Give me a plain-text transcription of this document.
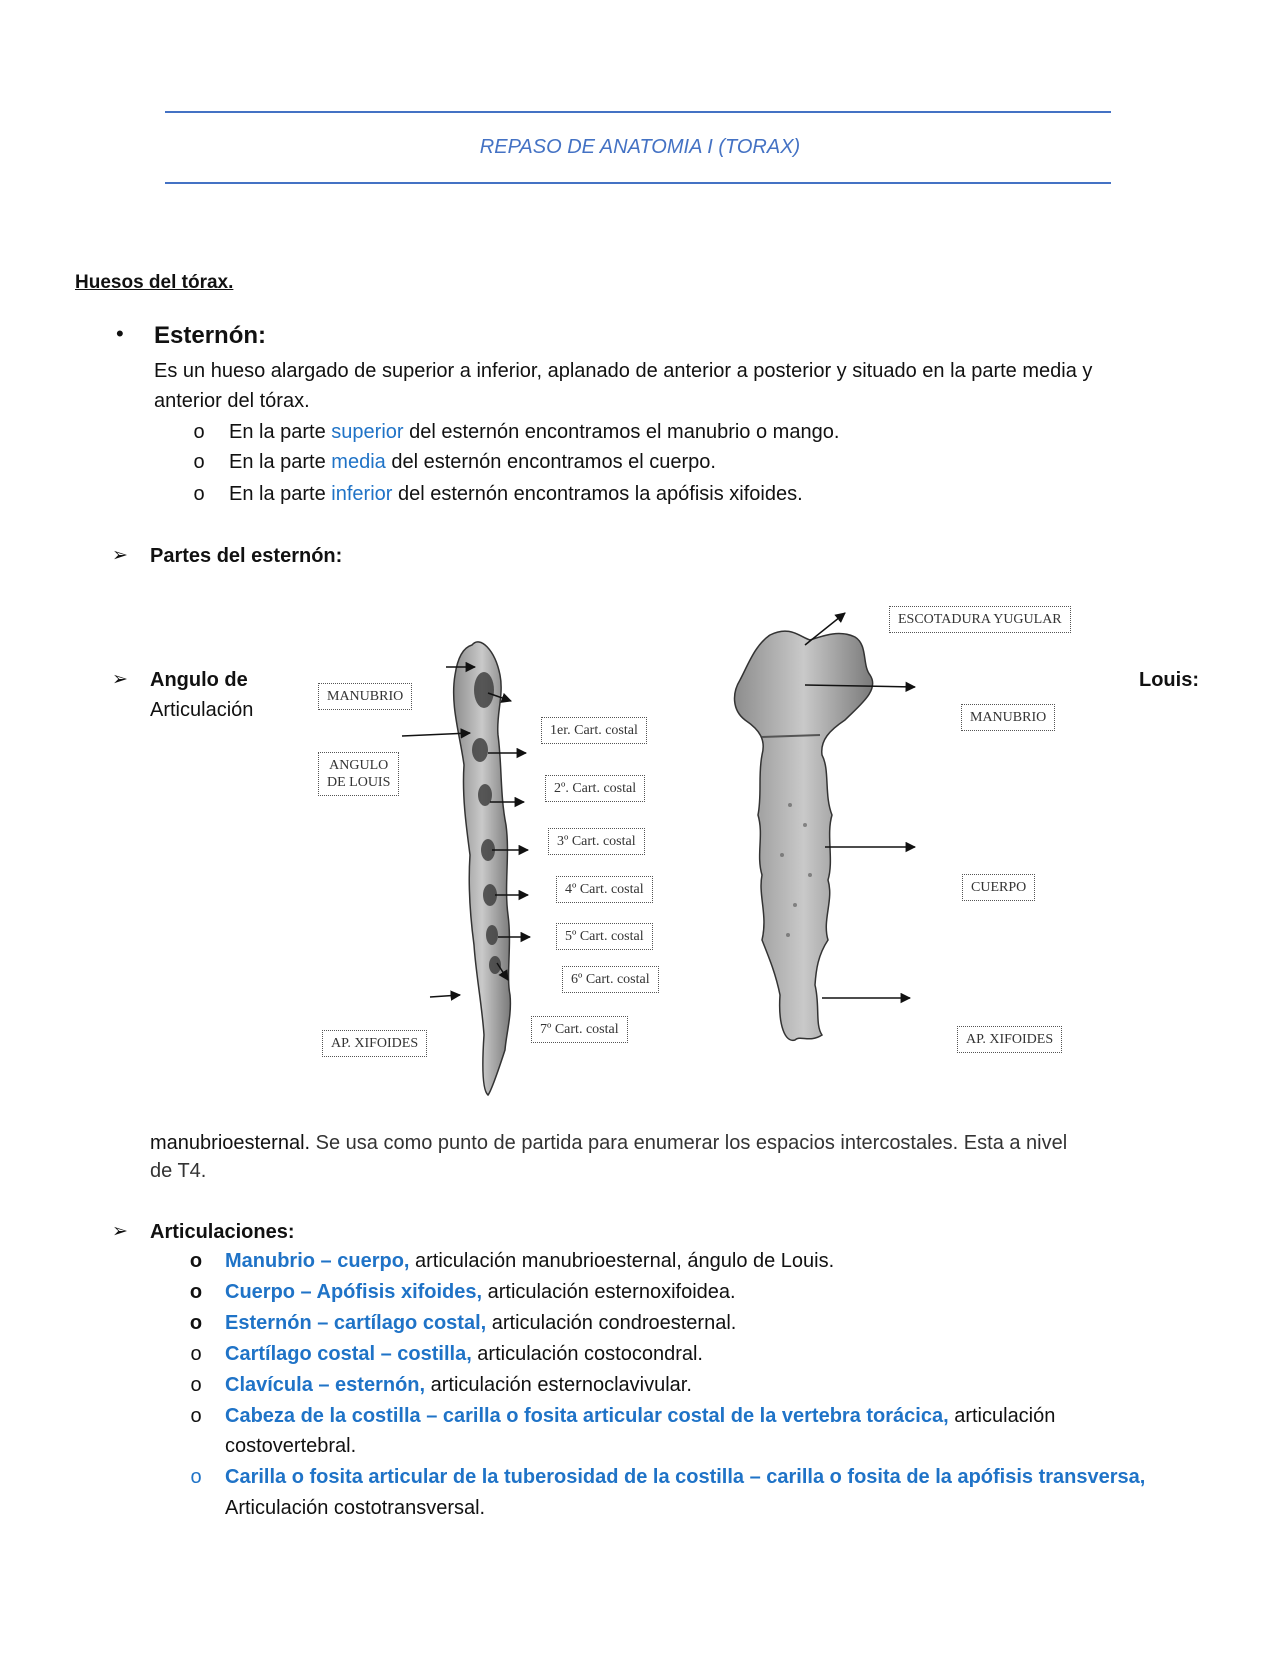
REPASO DE ANATOMIA I (TORAX)
Huesos del tórax.
• Esternón:
Es un hueso alargado de superior a inferior, aplanado de anterior a posterior y situado en la parte media y
anterior del tórax.
o En la parte superior del esternón encontramos el manubrio o mango.
o En la parte media del esternón encontramos el cuerpo.
o En la parte inferior del esternón encontramos la apófisis xifoides.
➢ Partes del esternón:
➢ Angulo de	Louis:
Articulación
MANUBRIO
ANGULO
DE LOUIS
AP. XIFOIDES
1er. Cart. costal
2º. Cart. costal
3º Cart. costal
4º Cart. costal
5º Cart. costal
6º Cart. costal
7º Cart. costal
ESCOTADURA YUGULAR
MANUBRIO
CUERPO
AP. XIFOIDES
manubrioesternal. Se usa como punto de partida para enumerar los espacios intercostales. Esta a nivel
de T4.
➢ Articulaciones:
o Manubrio – cuerpo, articulación manubrioesternal, ángulo de Louis.
o Cuerpo – Apófisis xifoides, articulación esternoxifoidea.
o Esternón – cartílago costal, articulación condroesternal.
o Cartílago costal – costilla, articulación costocondral.
o Clavícula – esternón, articulación esternoclavivular.
o Cabeza de la costilla – carilla o fosita articular costal de la vertebra torácica, articulación
costovertebral.
o Carilla o fosita articular de la tuberosidad de la costilla – carilla o fosita de la apófisis transversa,
Articulación costotransversal.
